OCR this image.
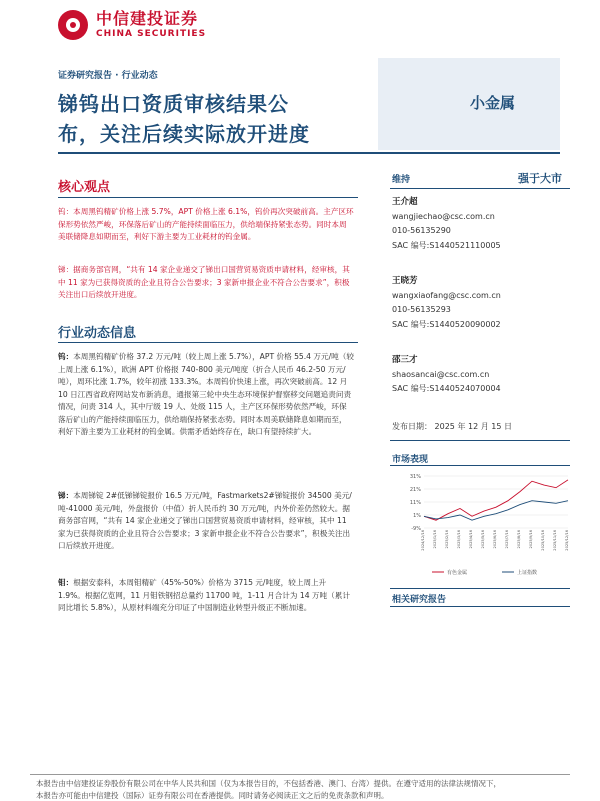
中信建投证券
CHINA SECURITIES
证券研究报告 · 行业动态
锑钨出口资质审核结果公
布，关注后续实际放开进度
小金属
核心观点
钨：本周黑钨精矿价格上涨 5.7%，APT 价格上涨 6.1%，钨价再次突破前高。主产区环保形势依然严峻，环保落后矿山的产能持续面临压力，供给端保持紧张态势。同时本周美联储降息如期而至，利好下游主要为工业耗材的钨金属。
锑：据商务部官网，“共有 14 家企业递交了锑出口国营贸易资质申请材料，经审核，其中 11 家为已获得资质的企业且符合公告要求；3 家新申报企业不符合公告要求”，积极关注出口后续放开进度。
行业动态信息
钨：本周黑钨精矿价格 37.2 万元/吨（较上周上涨 5.7%），APT 价格 55.4 万元/吨（较上周上涨 6.1%），欧洲 APT 价格报 740-800 美元/吨度（折合人民币 46.2-50 万元/吨），周环比涨 1.7%，较年初涨 133.3%。本周钨价快速上涨，再次突破前高。12 月 10 日江西省政府网站发布新消息，通报第三轮中央生态环境保护督察移交问题追责问责情况，问责 314 人，其中厅级 19 人、处级 115 人，主产区环保形势依然严峻，环保落后矿山的产能持续面临压力，供给端保持紧张态势。同时本周美联储降息如期而至，利好下游主要为工业耗材的钨金属。供需矛盾始终存在，缺口有望持续扩大。
锑：本周锑锭 2#低锑锑锭报价 16.5 万元/吨，Fastmarkets2#锑锭报价 34500 美元/吨-41000 美元/吨，外盘报价（中值）折人民币约 30 万元/吨，内外价差仍然较大。据商务部官网，“共有 14 家企业递交了锑出口国营贸易资质申请材料，经审核，其中 11 家为已获得资质的企业且符合公告要求；3 家新申报企业不符合公告要求”，积极关注出口后续放开进度。
钼：根据安泰科，本周钼精矿（45%-50%）价格为 3715 元/吨度，较上周上升 1.9%。根据亿览网，11 月钼铁钢招总量约 11700 吨，1-11 月合计为 14 万吨（累计同比增长 5.8%），从原材料端充分印证了中国制造业转型升级正不断加速。
维持	强于大市
王介超
wangjiechao@csc.com.cn
010-56135290
SAC 编号:S1440521110005
王晓芳
wangxiaofang@csc.com.cn
010-56135293
SAC 编号:S1440520090002
邵三才
shaosancai@csc.com.cn
SAC 编号:S1440524070004
发布日期： 2025 年 12 月 15 日
市场表现
31%
21%
11%
1%
-9%
2024/12/16 2025/1/16 2025/2/16 2025/3/16 2025/4/16 2025/5/16 2025/6/16 2025/7/16 2025/8/16 2025/9/16 2025/10/16 2025/11/16 2025/12/16
有色金属	上证指数
相关研究报告
本报告由中信建投证券股份有限公司在中华人民共和国（仅为本报告目的，不包括香港、澳门、台湾）提供。在遵守适用的法律法规情况下，
本报告亦可能由中信建投（国际）证券有限公司在香港提供。同时请务必阅读正文之后的免责条款和声明。
